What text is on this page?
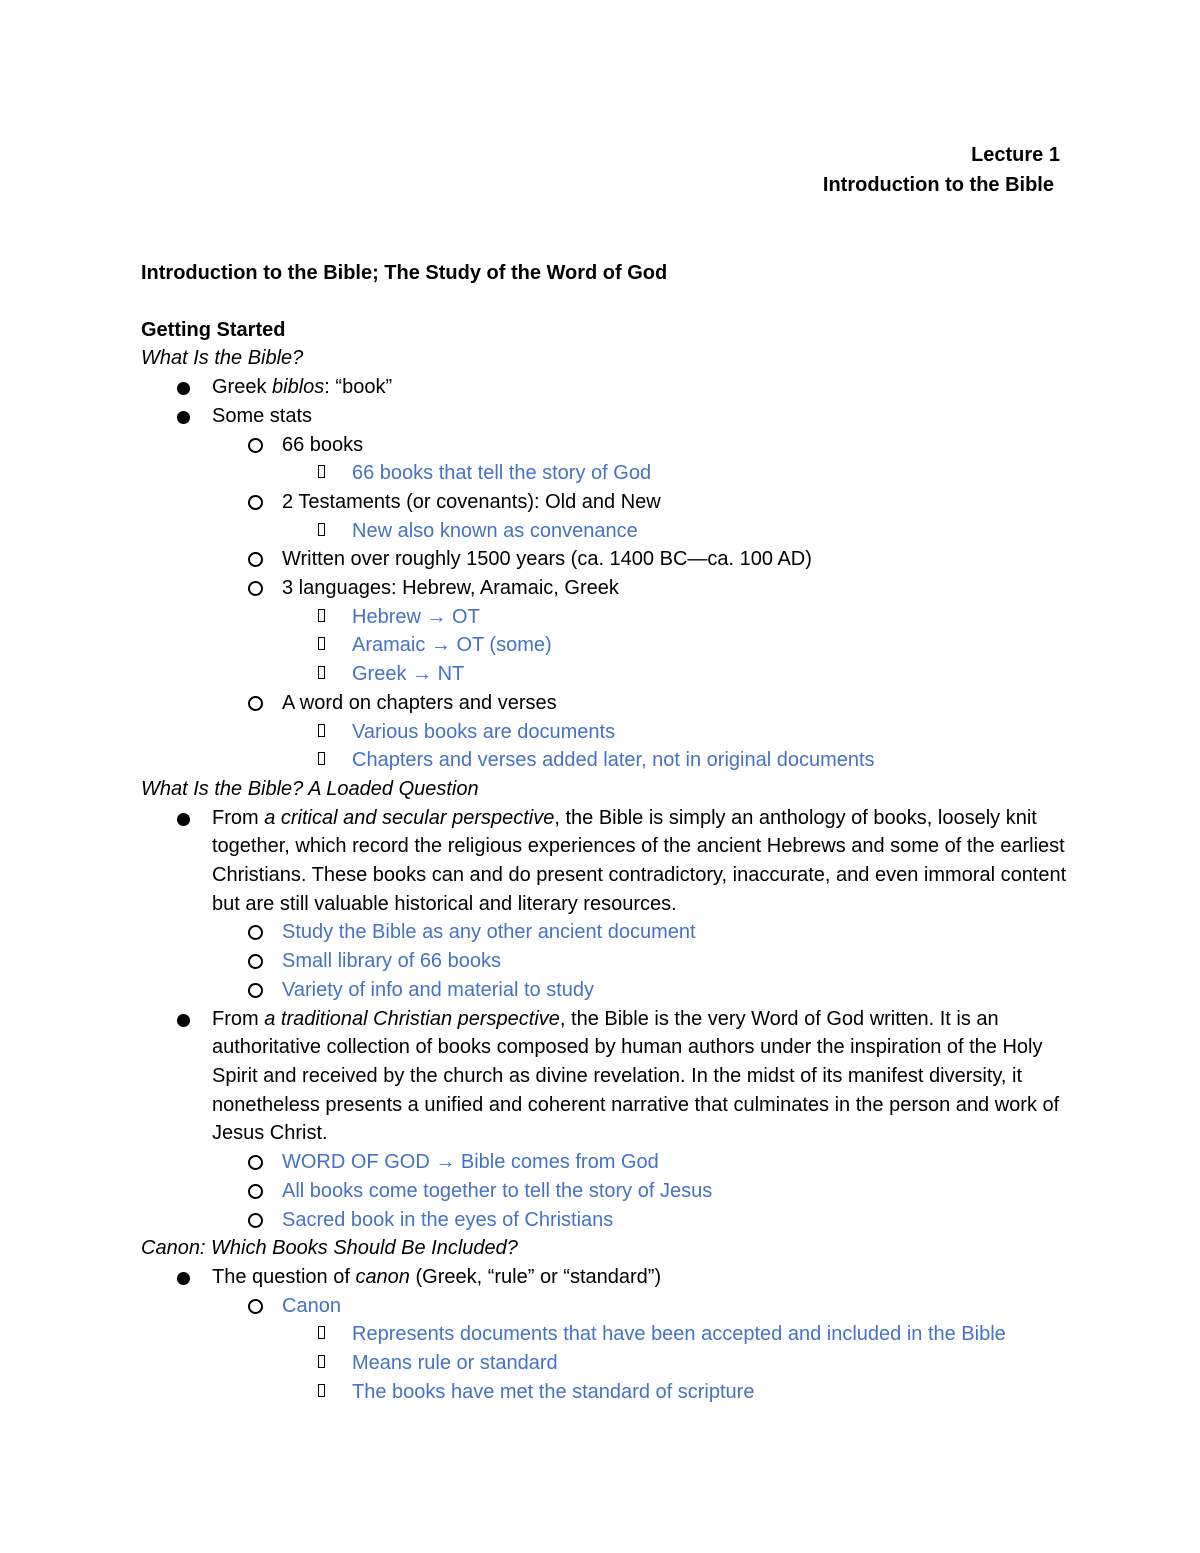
Lecture 1
Introduction to the Bible

Introduction to the Bible; The Study of the Word of God

Getting Started

What Is the Bible?

Greek biblos: “book”
Some stats
66 books
66 books that tell the story of God
2 Testaments (or covenants): Old and New
New also known as convenance
Written over roughly 1500 years (ca. 1400 BC—ca. 100 AD)
3 languages: Hebrew, Aramaic, Greek
Hebrew → OT
Aramaic → OT (some)
Greek → NT
A word on chapters and verses
Various books are documents
Chapters and verses added later, not in original documents

What Is the Bible? A Loaded Question

From a critical and secular perspective, the Bible is simply an anthology of books, loosely knit together, which record the religious experiences of the ancient Hebrews and some of the earliest Christians. These books can and do present contradictory, inaccurate, and even immoral content but are still valuable historical and literary resources.
Study the Bible as any other ancient document
Small library of 66 books
Variety of info and material to study
From a traditional Christian perspective, the Bible is the very Word of God written. It is an authoritative collection of books composed by human authors under the inspiration of the Holy Spirit and received by the church as divine revelation. In the midst of its manifest diversity, it nonetheless presents a unified and coherent narrative that culminates in the person and work of Jesus Christ.
WORD OF GOD → Bible comes from God
All books come together to tell the story of Jesus
Sacred book in the eyes of Christians

Canon: Which Books Should Be Included?

The question of canon (Greek, “rule” or “standard”)
Canon
Represents documents that have been accepted and included in the Bible
Means rule or standard
The books have met the standard of scripture
